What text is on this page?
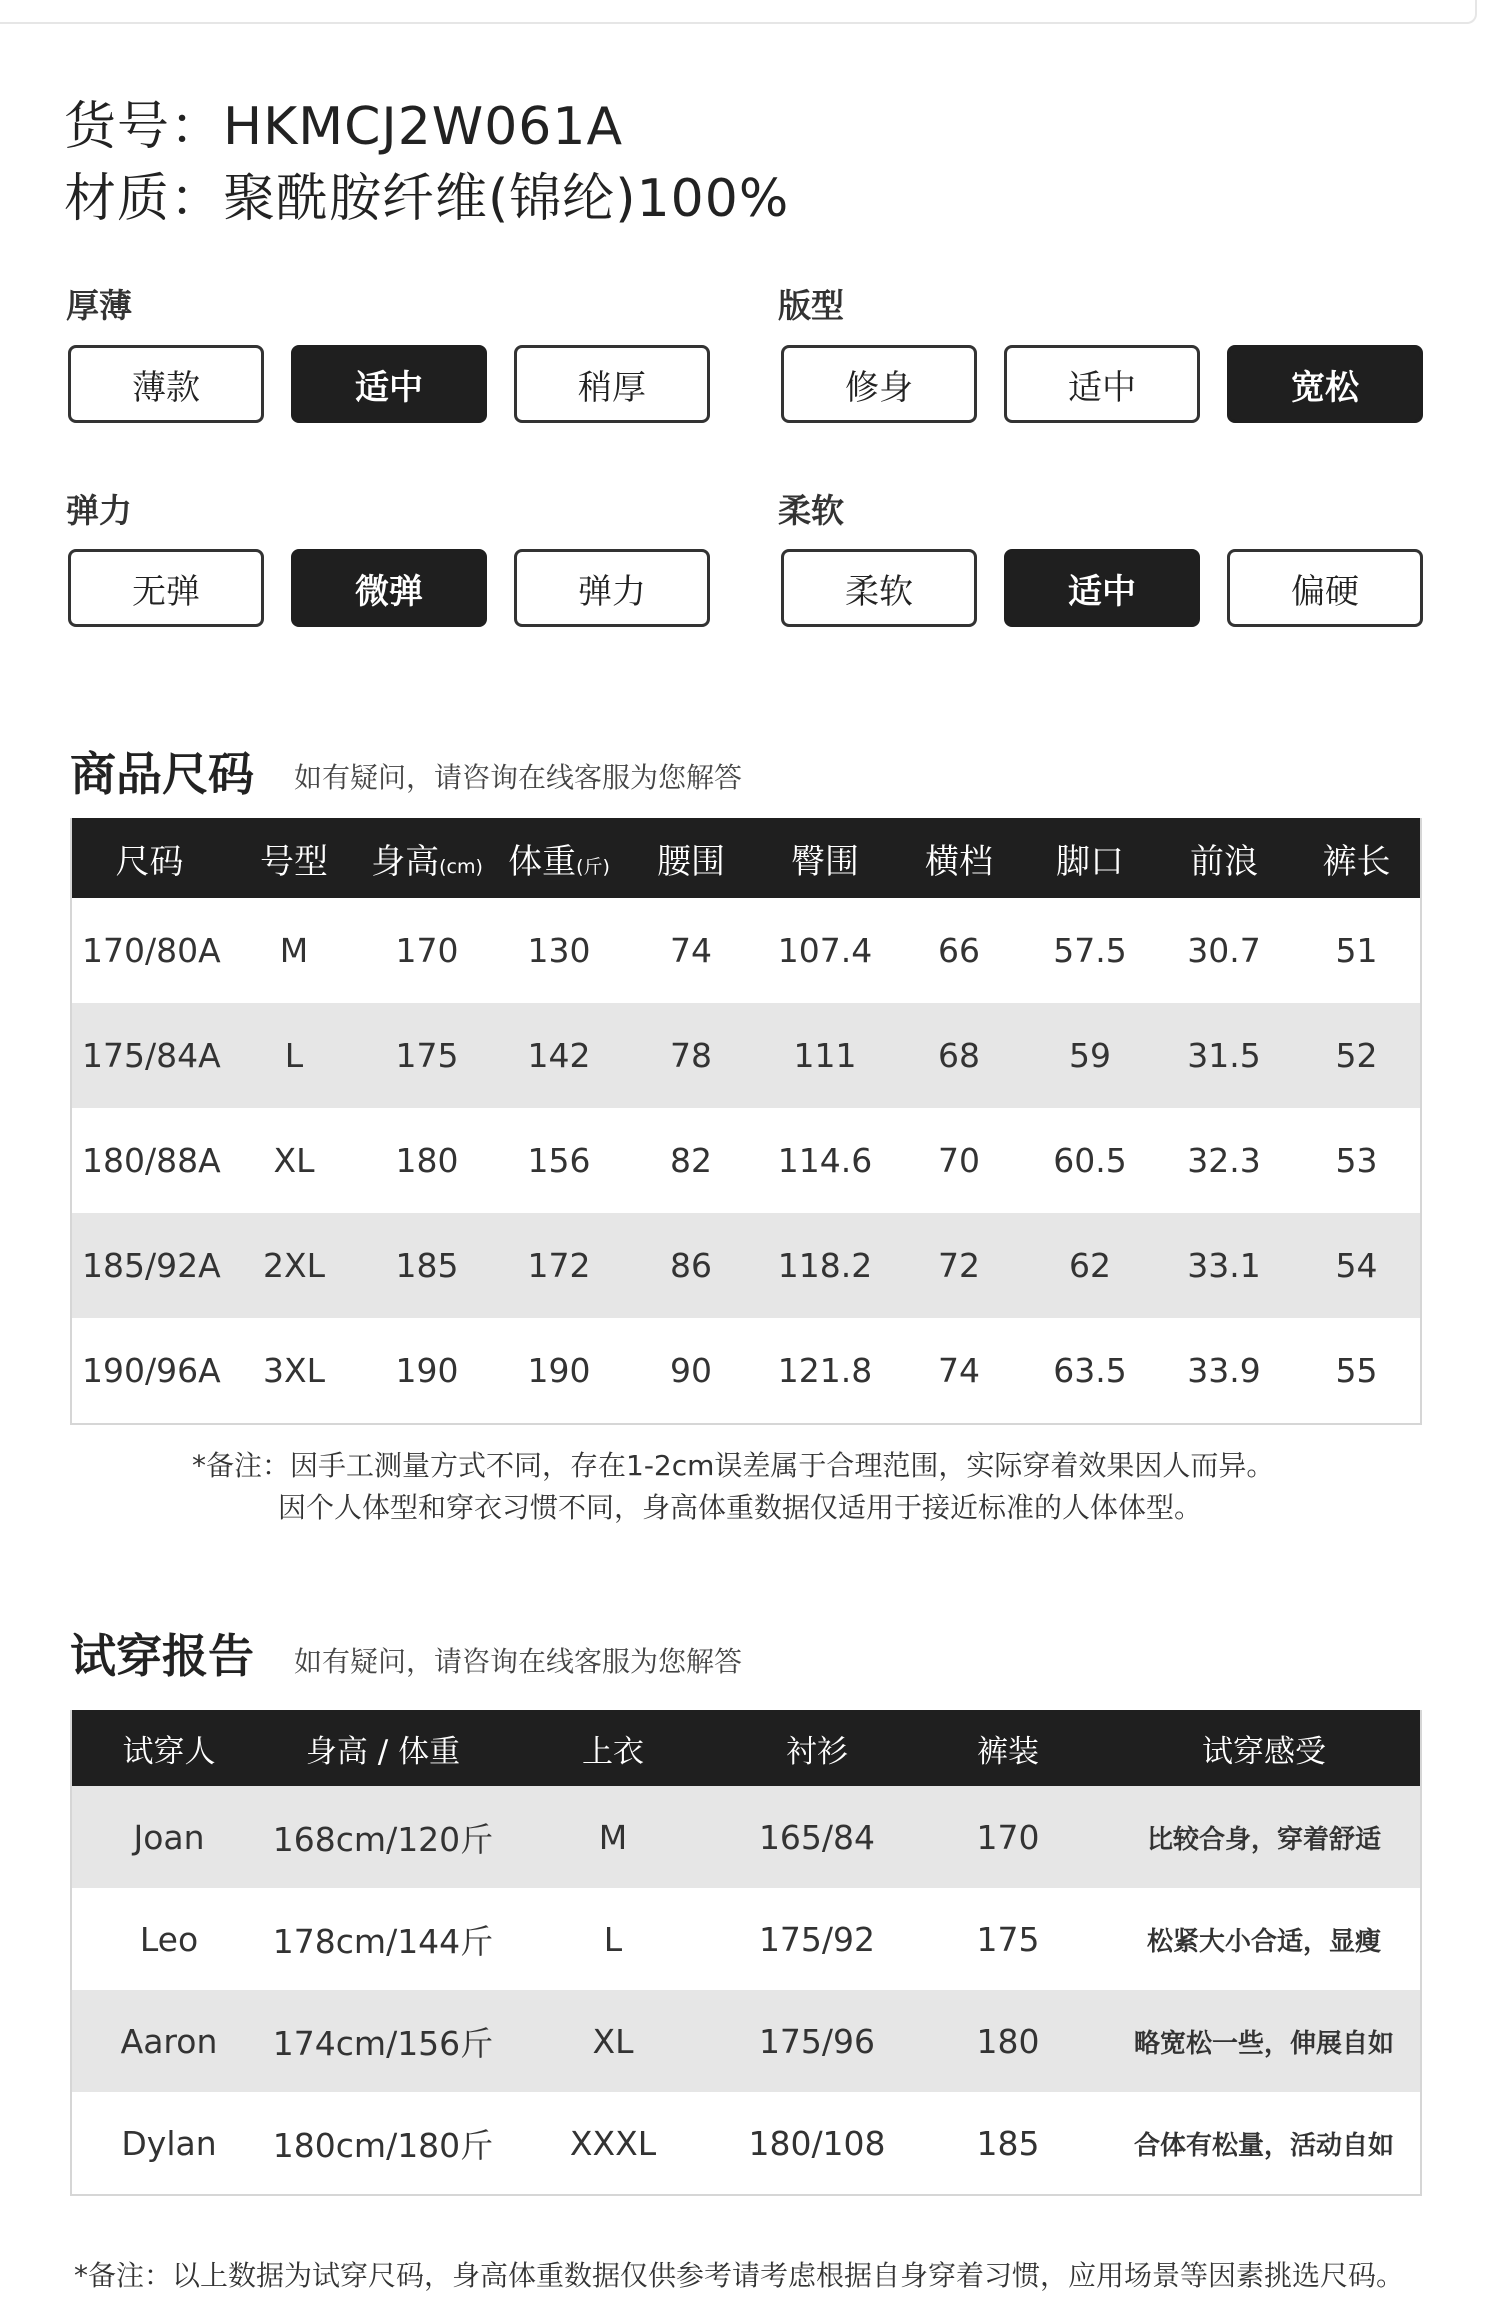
货号：HKMCJ2W061A
材质：聚酰胺纤维(锦纶)100%
厚薄
薄款	适中	稍厚
版型
修身	适中	宽松
弹力
无弹	微弹	弹力
柔软
柔软	适中	偏硬
商品尺码 如有疑问，请咨询在线客服为您解答
尺码	号型	身高(cm)	体重(斤)	腰围	臀围	横档	脚口	前浪	裤长
170/80A	M	170	130	74	107.4	66	57.5	30.7	51
175/84A	L	175	142	78	111	68	59	31.5	52
180/88A	XL	180	156	82	114.6	70	60.5	32.3	53
185/92A	2XL	185	172	86	118.2	72	62	33.1	54
190/96A	3XL	190	190	90	121.8	74	63.5	33.9	55
*备注：因手工测量方式不同，存在1-2cm误差属于合理范围，实际穿着效果因人而异。
因个人体型和穿衣习惯不同，身高体重数据仅适用于接近标准的人体体型。
试穿报告 如有疑问，请咨询在线客服为您解答
试穿人	身高 / 体重	上衣	衬衫	裤装	试穿感受
Joan	168cm/120斤	M	165/84	170	比较合身，穿着舒适
Leo	178cm/144斤	L	175/92	175	松紧大小合适，显瘦
Aaron	174cm/156斤	XL	175/96	180	略宽松一些，伸展自如
Dylan	180cm/180斤	XXXL	180/108	185	合体有松量，活动自如
*备注：以上数据为试穿尺码，身高体重数据仅供参考请考虑根据自身穿着习惯，应用场景等因素挑选尺码。
